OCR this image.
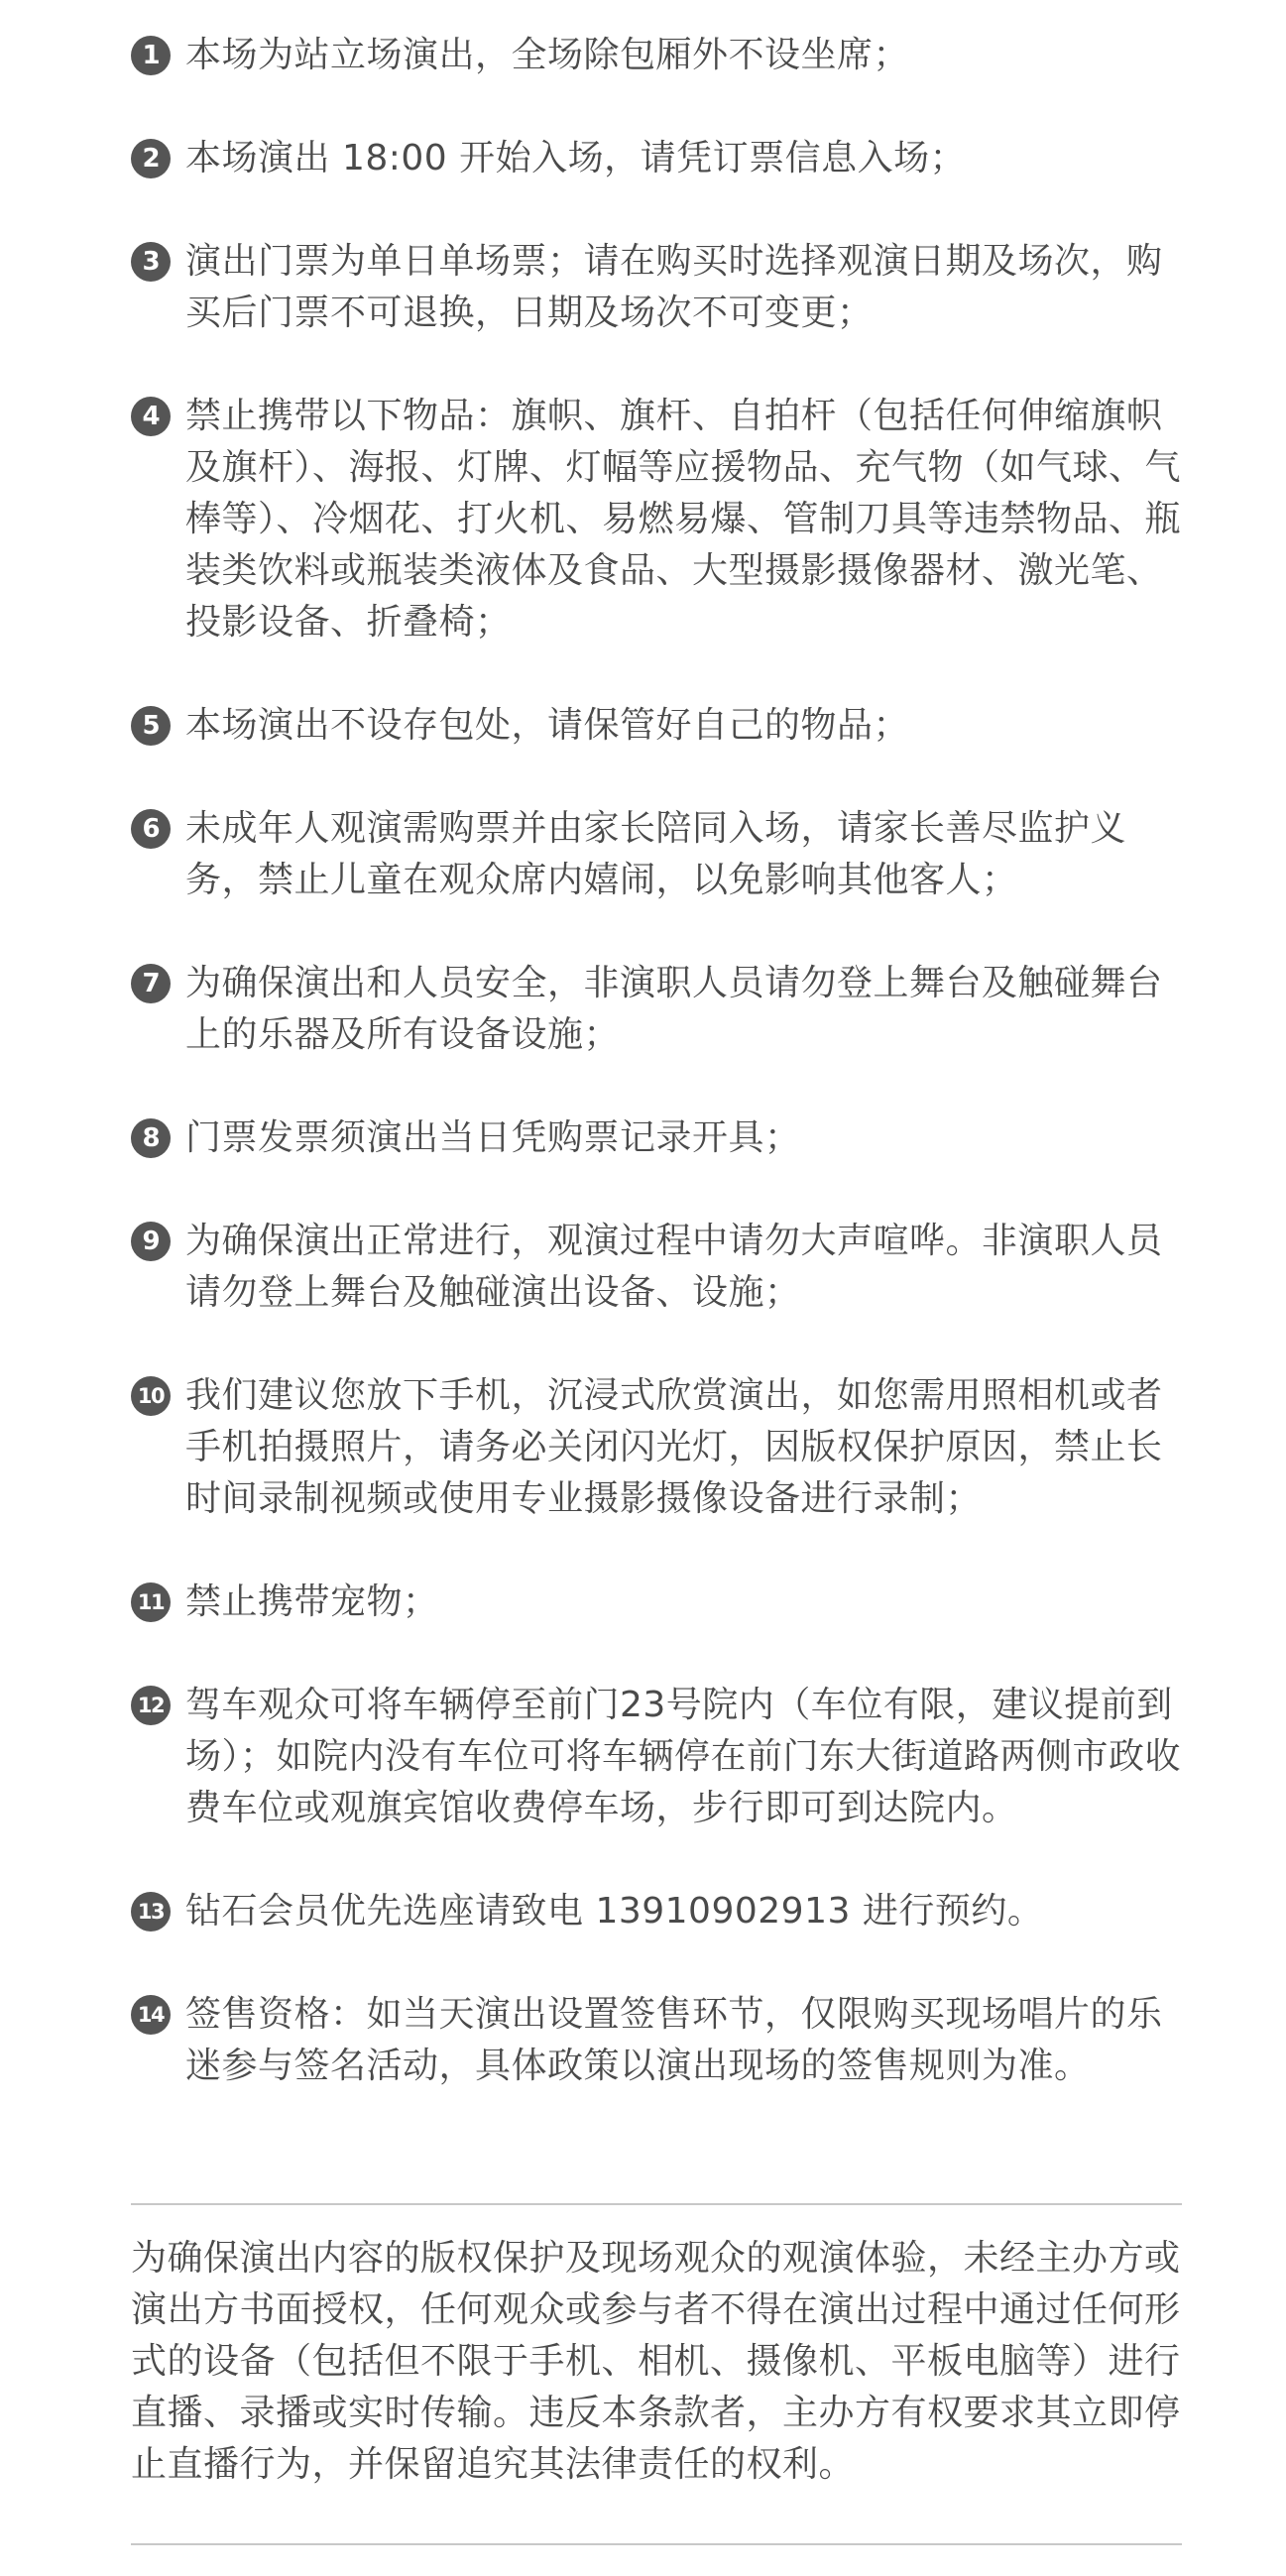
1 本场为站立场演出，全场除包厢外不设坐席；
2 本场演出 18:00 开始入场，请凭订票信息入场；
3 演出门票为单日单场票；请在购买时选择观演日期及场次，购买后门票不可退换，日期及场次不可变更；
4 禁止携带以下物品：旗帜、旗杆、自拍杆（包括任何伸缩旗帜及旗杆）、海报、灯牌、灯幅等应援物品、充气物（如气球、气棒等）、冷烟花、打火机、易燃易爆、管制刀具等违禁物品、瓶装类饮料或瓶装类液体及食品、大型摄影摄像器材、激光笔、投影设备、折叠椅；
5 本场演出不设存包处，请保管好自己的物品；
6 未成年人观演需购票并由家长陪同入场，请家长善尽监护义务，禁止儿童在观众席内嬉闹，以免影响其他客人；
7 为确保演出和人员安全，非演职人员请勿登上舞台及触碰舞台上的乐器及所有设备设施；
8 门票发票须演出当日凭购票记录开具；
9 为确保演出正常进行，观演过程中请勿大声喧哗。非演职人员请勿登上舞台及触碰演出设备、设施；
10 我们建议您放下手机，沉浸式欣赏演出，如您需用照相机或者手机拍摄照片，请务必关闭闪光灯，因版权保护原因，禁止长时间录制视频或使用专业摄影摄像设备进行录制；
11 禁止携带宠物；
12 驾车观众可将车辆停至前门23号院内（车位有限，建议提前到场）；如院内没有车位可将车辆停在前门东大街道路两侧市政收费车位或观旗宾馆收费停车场，步行即可到达院内。
13 钻石会员优先选座请致电 13910902913 进行预约。
14 签售资格：如当天演出设置签售环节，仅限购买现场唱片的乐迷参与签名活动，具体政策以演出现场的签售规则为准。

为确保演出内容的版权保护及现场观众的观演体验，未经主办方或演出方书面授权，任何观众或参与者不得在演出过程中通过任何形式的设备（包括但不限于手机、相机、摄像机、平板电脑等）进行直播、录播或实时传输。违反本条款者，主办方有权要求其立即停止直播行为，并保留追究其法律责任的权利。
